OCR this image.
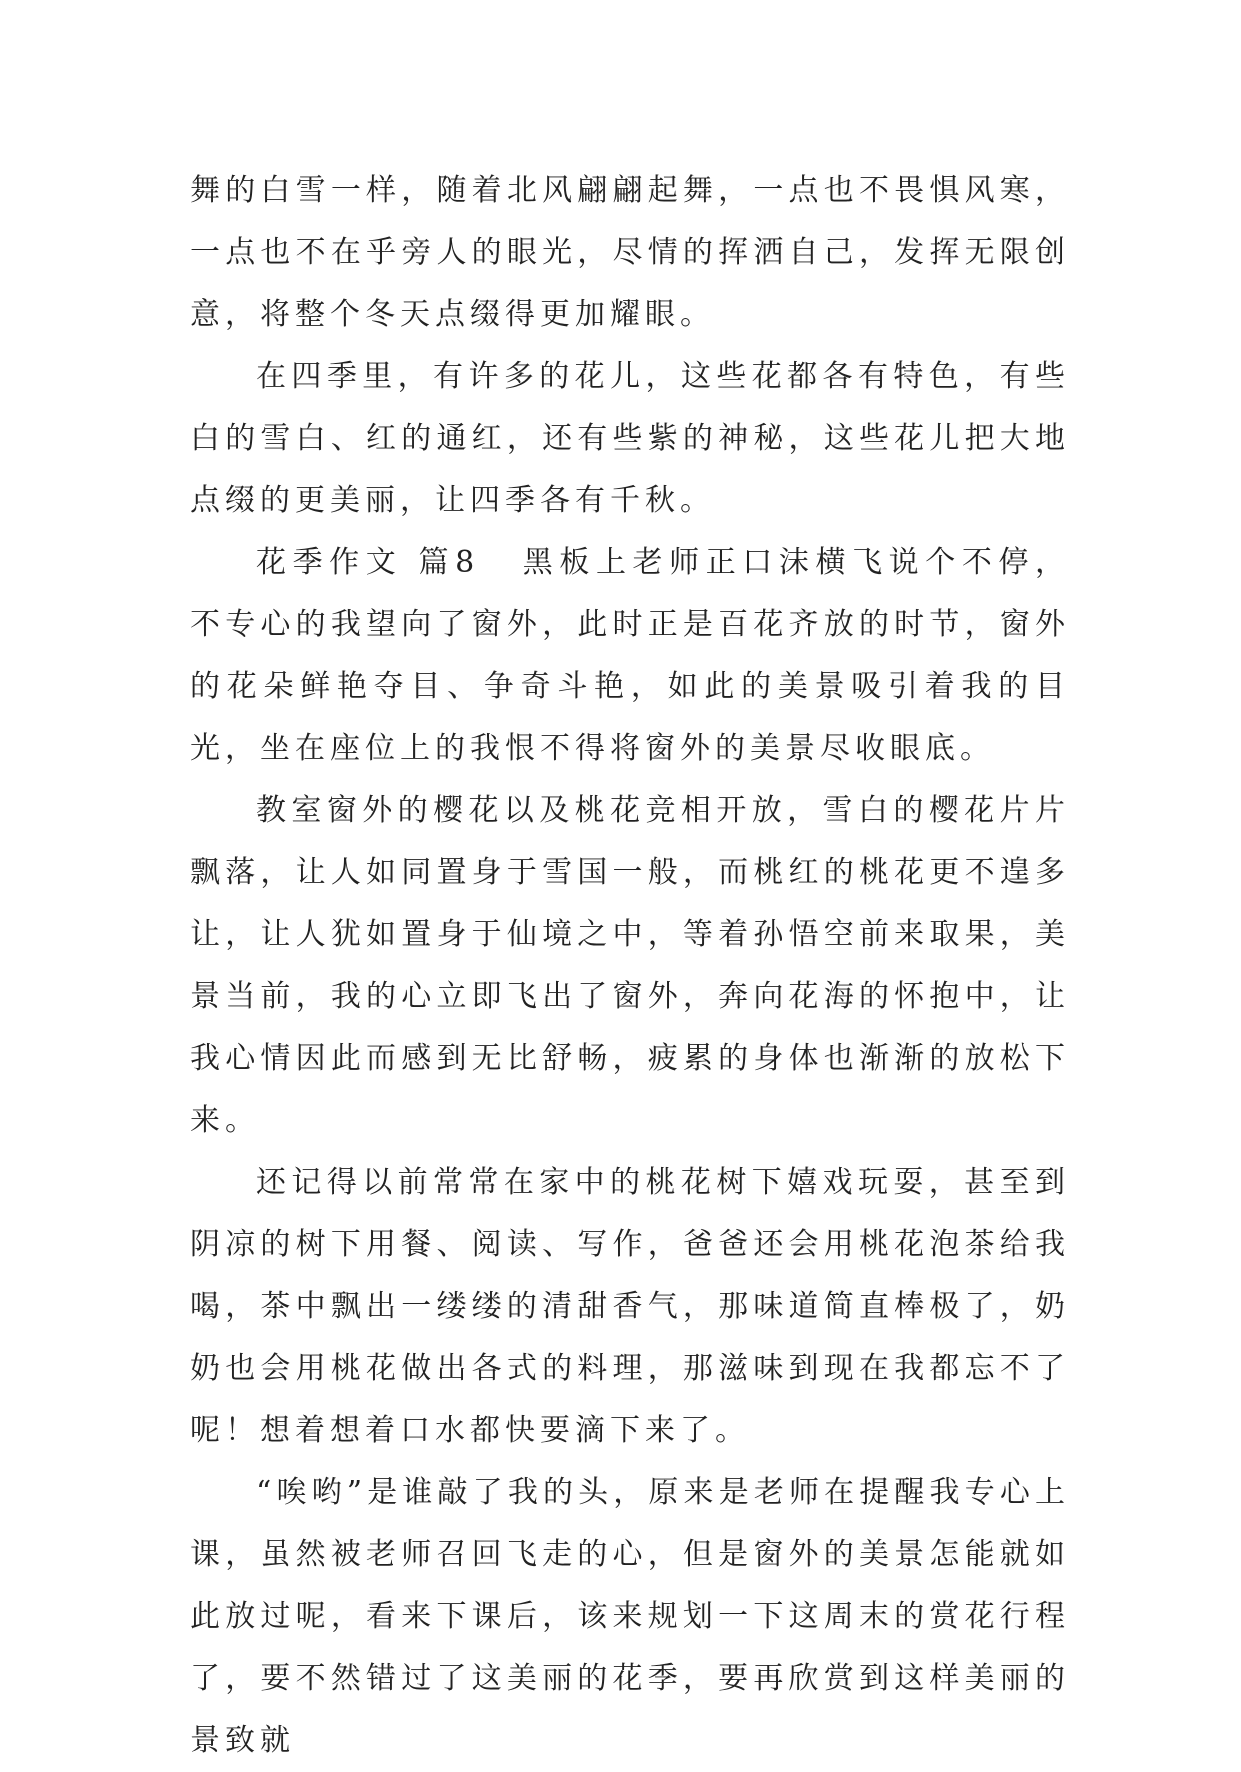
舞的白雪一样，随着北风翩翩起舞，一点也不畏惧风寒，一点也不在乎旁人的眼光，尽情的挥洒自己，发挥无限创意，将整个冬天点缀得更加耀眼。

在四季里，有许多的花儿，这些花都各有特色，有些白的雪白、红的通红，还有些紫的神秘，这些花儿把大地点缀的更美丽，让四季各有千秋。

花季作文 篇8 黑板上老师正口沫横飞说个不停，不专心的我望向了窗外，此时正是百花齐放的时节，窗外的花朵鲜艳夺目、争奇斗艳，如此的美景吸引着我的目光，坐在座位上的我恨不得将窗外的美景尽收眼底。

教室窗外的樱花以及桃花竞相开放，雪白的樱花片片飘落，让人如同置身于雪国一般，而桃红的桃花更不遑多让，让人犹如置身于仙境之中，等着孙悟空前来取果，美景当前，我的心立即飞出了窗外，奔向花海的怀抱中，让我心情因此而感到无比舒畅，疲累的身体也渐渐的放松下来。

还记得以前常常在家中的桃花树下嬉戏玩耍，甚至到阴凉的树下用餐、阅读、写作，爸爸还会用桃花泡茶给我喝，茶中飘出一缕缕的清甜香气，那味道简直棒极了，奶奶也会用桃花做出各式的料理，那滋味到现在我都忘不了呢！想着想着口水都快要滴下来了。

“唉哟”是谁敲了我的头，原来是老师在提醒我专心上课，虽然被老师召回飞走的心，但是窗外的美景怎能就如此放过呢，看来下课后，该来规划一下这周末的赏花行程了，要不然错过了这美丽的花季，要再欣赏到这样美丽的景致就
